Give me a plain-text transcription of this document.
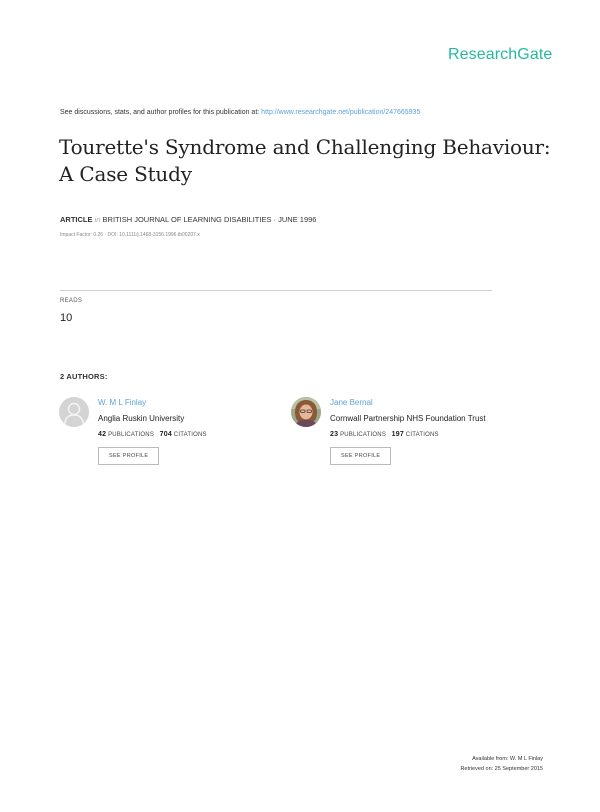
ResearchGate
See discussions, stats, and author profiles for this publication at: http://www.researchgate.net/publication/247665935
Tourette's Syndrome and Challenging Behaviour:
A Case Study
ARTICLE in BRITISH JOURNAL OF LEARNING DISABILITIES · JUNE 1996
Impact Factor: 0.26 · DOI: 10.1111/j.1468-3156.1996.tb00207.x
READS
10
2 AUTHORS:
W. M L Finlay
Anglia Ruskin University
42 PUBLICATIONS 704 CITATIONS
SEE PROFILE
Jane Bernal
Cornwall Partnership NHS Foundation Trust
23 PUBLICATIONS 197 CITATIONS
SEE PROFILE
Available from: W. M L Finlay
Retrieved on: 25 September 2015
